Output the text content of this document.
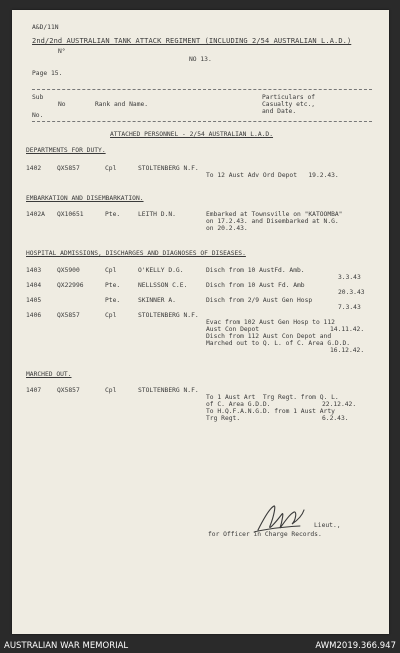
A&D/11N
2nd/2nd AUSTRALIAN TANK ATTACK REGIMENT (INCLUDING 2/54 AUSTRALIAN L.A.D.)
N°
NO 13.
Page 15.
Sub
No
No.
Rank and Name.
Particulars of
Casualty etc.,
and Date.
ATTACHED PERSONNEL - 2/54 AUSTRALIAN L.A.D.
DEPARTMENTS FOR DUTY.
1402	QX5857	Cpl	STOLTENBERG N.F.
To 12 Aust Adv Ord Depot   19.2.43.
EMBARKATION AND DISEMBARKATION.
1402A QX10651	Pte.	LEITH D.N.	Embarked at Townsville on "KATOOMBA"
on 17.2.43. and Disembarked at N.G.
on 20.2.43.
HOSPITAL ADMISSIONS, DISCHARGES AND DIAGNOSES OF DISEASES.
1403	QX5900	Cpl	O'KELLY D.G.	Disch from 10 AustFd. Amb.
3.3.43
1404	QX22996	Pte.	NELLSSON C.E.	Disch from 10 Aust Fd. Amb
20.3.43
1405	Pte.	SKINNER A.	Disch from 2/9 Aust Gen Hosp
7.3.43
1406	QX5857	Cpl	STOLTENBERG N.F.
Evac from 102 Aust Gen Hosp to 112
Aust Con Depot	14.11.42.
Disch from 112 Aust Con Depot and
Marched out to Q. L. of C. Area G.D.D.
16.12.42.
MARCHED OUT.
1407	QX5857	Cpl	STOLTENBERG N.F.
To 1 Aust Art  Trg Regt. from Q. L.
of C. Area G.D.D.	22.12.42.
To H.Q.F.A.N.G.D. from 1 Aust Arty
Trg Regt.	6.2.43.
Lieut.,
for Officer in Charge Records.
AUSTRALIAN WAR MEMORIAL	AWM2019.366.947
